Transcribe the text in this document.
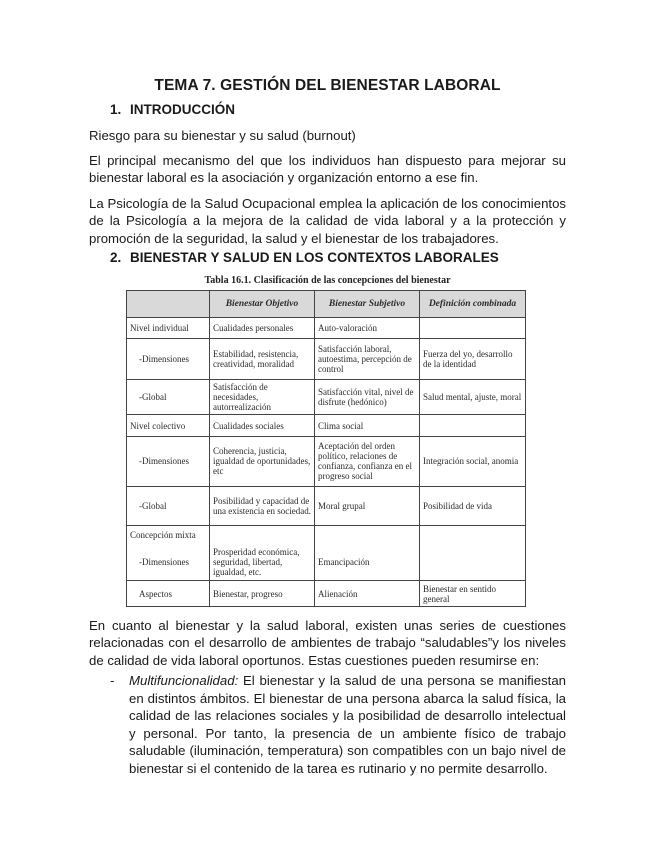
TEMA 7. GESTIÓN DEL BIENESTAR LABORAL
1. INTRODUCCIÓN

Riesgo para su bienestar y su salud (burnout)

El principal mecanismo del que los individuos han dispuesto para mejorar su bienestar laboral es la asociación y organización entorno a ese fin.

La Psicología de la Salud Ocupacional emplea la aplicación de los conocimientos de la Psicología a la mejora de la calidad de vida laboral y a la protección y promoción de la seguridad, la salud y el bienestar de los trabajadores.

2. BIENESTAR Y SALUD EN LOS CONTEXTOS LABORALES
Tabla 16.1. Clasificación de las concepciones del bienestar
	Bienestar Objetivo	Bienestar Subjetivo	Definición combinada
Nivel individual	Cualidades personales	Auto-valoración	
-Dimensiones	Estabilidad, resistencia, creatividad, moralidad	Satisfacción laboral, autoestima, percepción de control	Fuerza del yo, desarrollo de la identidad
-Global	Satisfacción de necesidades, autorrealización	Satisfacción vital, nivel de disfrute (hedónico)	Salud mental, ajuste, moral
Nivel colectivo	Cualidades sociales	Clima social	
-Dimensiones	Coherencia, justicia, igualdad de oportunidades, etc	Aceptación del orden político, relaciones de confianza, confianza en el progreso social	Integración social, anomia
-Global	Posibilidad y capacidad de una existencia en sociedad.	Moral grupal	Posibilidad de vida
Concepción mixta			
-Dimensiones	Prosperidad económica, seguridad, libertad, igualdad, etc.	Emancipación	
Aspectos	Bienestar, progreso	Alienación	Bienestar en sentido general

En cuanto al bienestar y la salud laboral, existen unas series de cuestiones relacionadas con el desarrollo de ambientes de trabajo “saludables”y los niveles de calidad de vida laboral oportunos. Estas cuestiones pueden resumirse en:

- Multifuncionalidad: El bienestar y la salud de una persona se manifiestan en distintos ámbitos. El bienestar de una persona abarca la salud física, la calidad de las relaciones sociales y la posibilidad de desarrollo intelectual y personal. Por tanto, la presencia de un ambiente físico de trabajo saludable (iluminación, temperatura) son compatibles con un bajo nivel de bienestar si el contenido de la tarea es rutinario y no permite desarrollo.
